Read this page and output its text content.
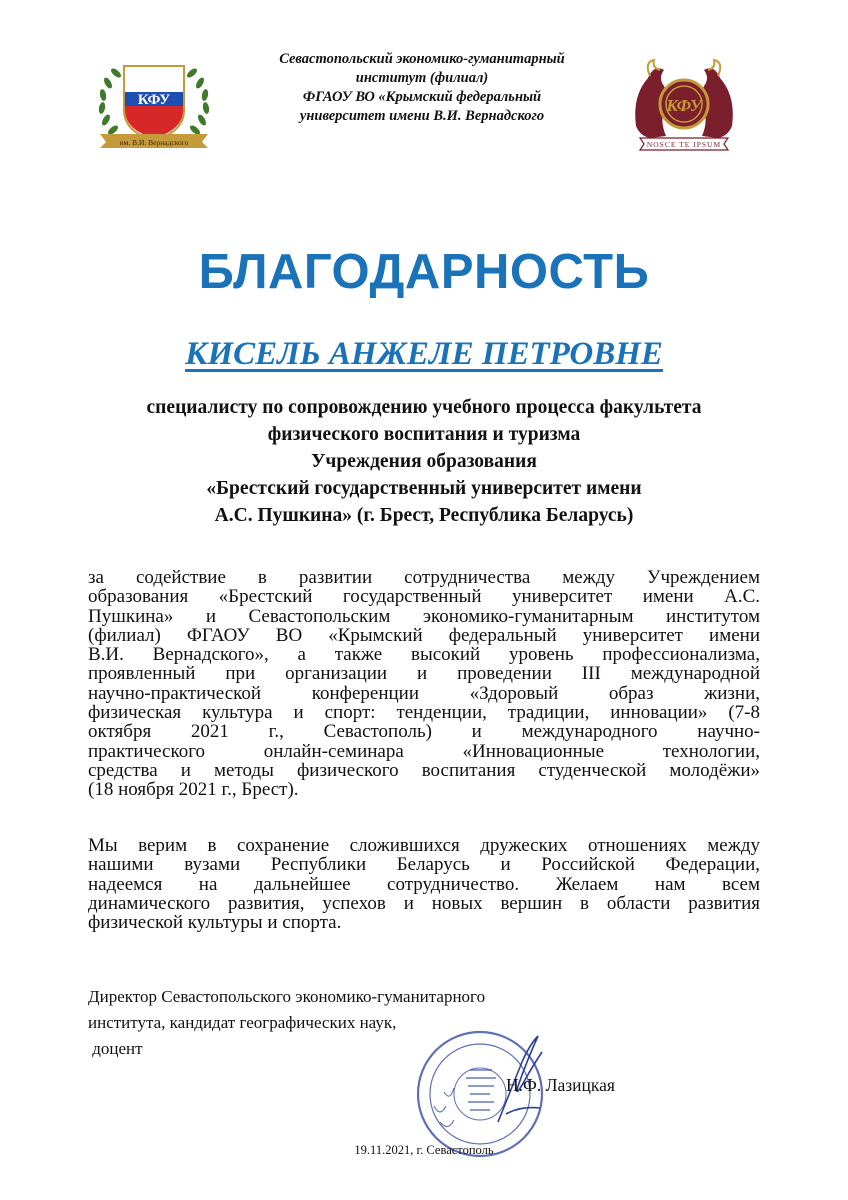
КФУ
им. В.И. Вернадского
Севастопольский экономико-гуманитарный
институт (филиал)
ФГАОУ ВО «Крымский федеральный
университет имени В.И. Вернадского
КФУ
NOSCE TE IPSUM
БЛАГОДАРНОСТЬ
КИСЕЛЬ АНЖЕЛЕ ПЕТРОВНЕ
специалисту по сопровождению учебного процесса факультета
физического воспитания и туризма
Учреждения образования
«Брестский государственный университет имени
А.С. Пушкина» (г. Брест, Республика Беларусь)
за содействие в развитии сотрудничества между Учреждением
образования «Брестский государственный университет имени А.С.
Пушкина» и Севастопольским экономико-гуманитарным институтом
(филиал) ФГАОУ ВО «Крымский федеральный университет имени
В.И. Вернадского», а также высокий уровень профессионализма,
проявленный при организации и проведении III международной
научно-практической конференции «Здоровый образ жизни,
физическая культура и спорт: тенденции, традиции, инновации» (7-8
октября 2021 г., Севастополь) и международного научно-
практического онлайн-семинара «Инновационные технологии,
средства и методы физического воспитания студенческой молодёжи»
(18 ноября 2021 г., Брест).
Мы верим в сохранение сложившихся дружеских отношениях между
нашими вузами Республики Беларусь и Российской Федерации,
надеемся на дальнейшее сотрудничество. Желаем нам всем
динамического развития, успехов и новых вершин в области развития
физической культуры и спорта.
Директор Севастопольского экономико-гуманитарного
института, кандидат географических наук,
доцент
Н.Ф. Лазицкая
19.11.2021, г. Севастополь
